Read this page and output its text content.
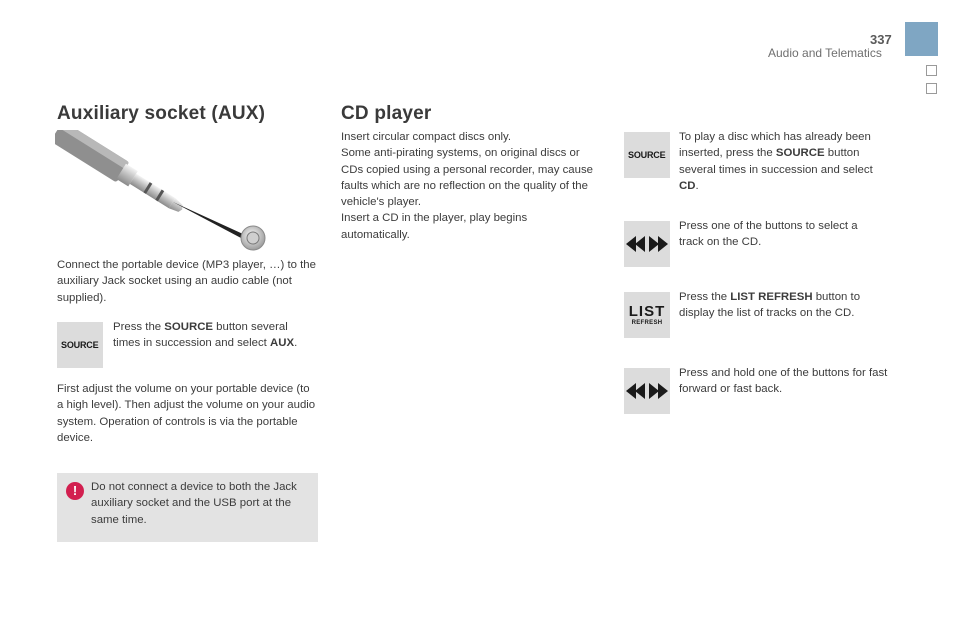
337
Audio and Telematics
Auxiliary socket (AUX)

Connect the portable device (MP3 player, …) to the auxiliary Jack socket using an audio cable (not supplied).

SOURCE

Press the SOURCE button several times in succession and select AUX.

First adjust the volume on your portable device (to a high level). Then adjust the volume on your audio system. Operation of controls is via the portable device.

!	Do not connect a device to both the Jack auxiliary socket and the USB port at the same time.

CD player

Insert circular compact discs only.
Some anti-pirating systems, on original discs or CDs copied using a personal recorder, may cause faults which are no reflection on the quality of the vehicle's player.
Insert a CD in the player, play begins automatically.

SOURCE

To play a disc which has already been inserted, press the SOURCE button several times in succession and select CD.

Press one of the buttons to select a track on the CD.

LIST
REFRESH

Press the LIST REFRESH button to display the list of tracks on the CD.

Press and hold one of the buttons for fast forward or fast back.
